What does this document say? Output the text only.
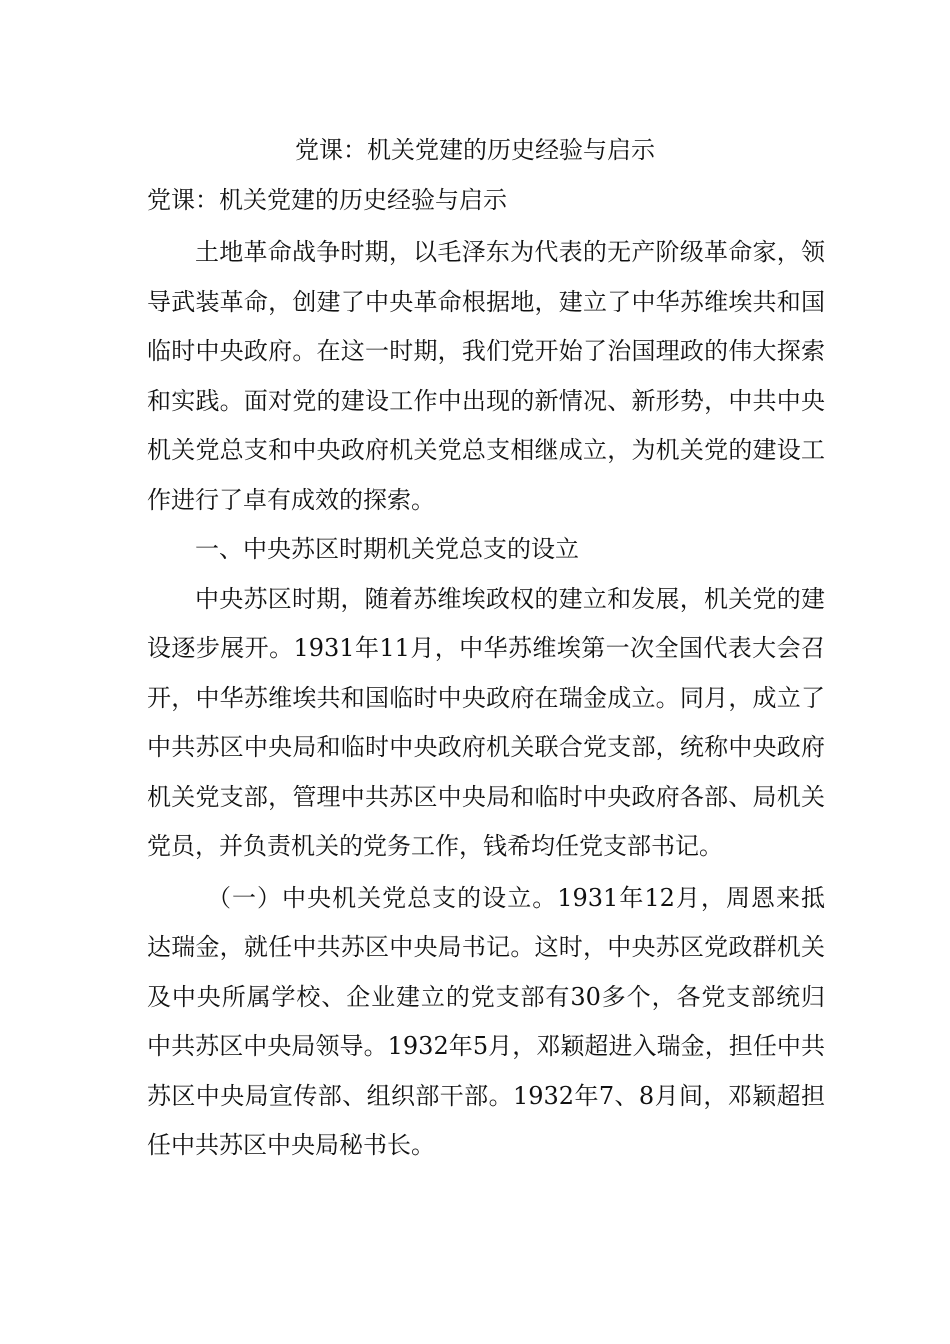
党课：机关党建的历史经验与启示

党课：机关党建的历史经验与启示

土地革命战争时期，以毛泽东为代表的无产阶级革命家，领导武装革命，创建了中央革命根据地，建立了中华苏维埃共和国临时中央政府。在这一时期，我们党开始了治国理政的伟大探索和实践。面对党的建设工作中出现的新情况、新形势，中共中央机关党总支和中央政府机关党总支相继成立，为机关党的建设工作进行了卓有成效的探索。

一、中央苏区时期机关党总支的设立

中央苏区时期，随着苏维埃政权的建立和发展，机关党的建设逐步展开。1931年11月，中华苏维埃第一次全国代表大会召开，中华苏维埃共和国临时中央政府在瑞金成立。同月，成立了中共苏区中央局和临时中央政府机关联合党支部，统称中央政府机关党支部，管理中共苏区中央局和临时中央政府各部、局机关党员，并负责机关的党务工作，钱希均任党支部书记。

（一）中央机关党总支的设立。1931年12月，周恩来抵达瑞金，就任中共苏区中央局书记。这时，中央苏区党政群机关及中央所属学校、企业建立的党支部有30多个，各党支部统归中共苏区中央局领导。1932年5月，邓颖超进入瑞金，担任中共苏区中央局宣传部、组织部干部。1932年7、8月间，邓颖超担任中共苏区中央局秘书长。
